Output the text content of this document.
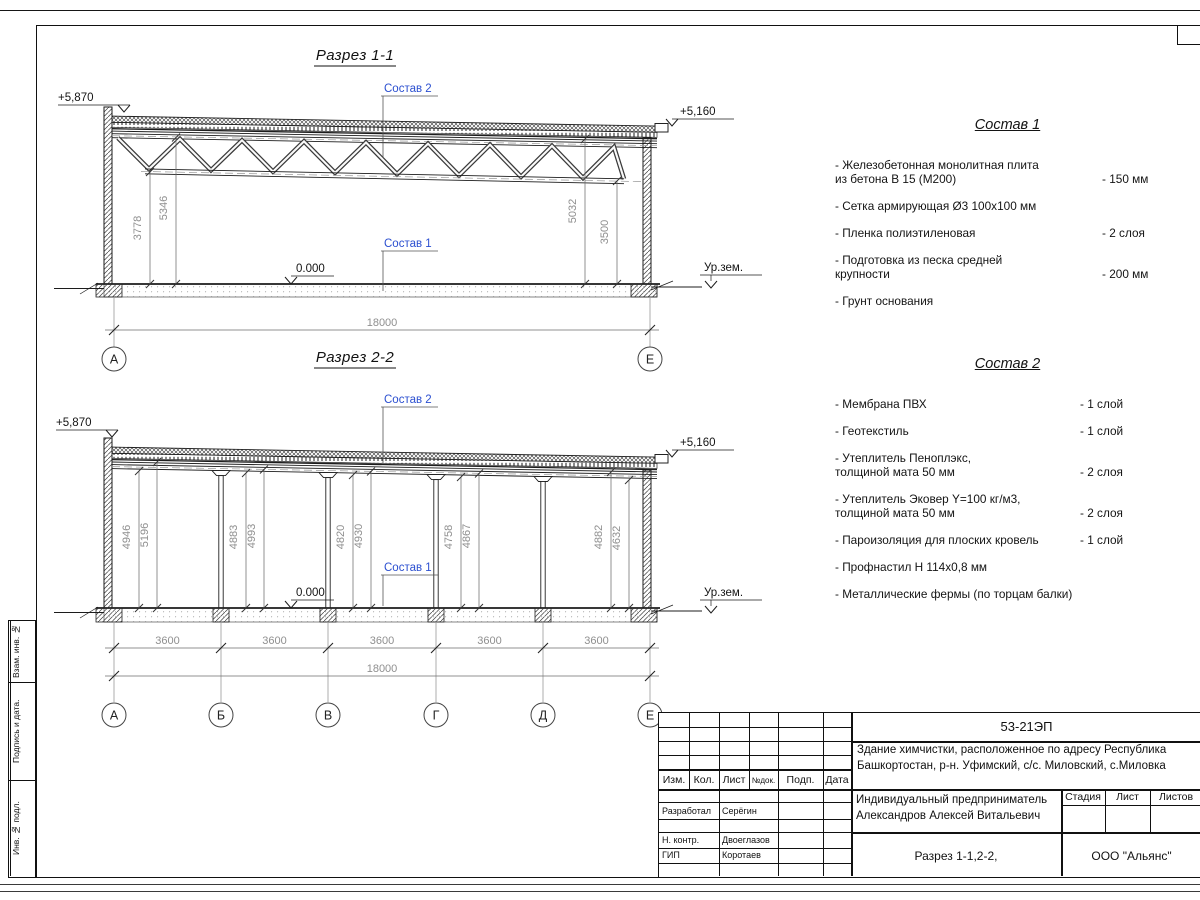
+5,870
+5,160
Ур.зем.
0.000
Состав 2
Состав 1
3778
5346	5032
3500
18000
А	Е
Разрез 1-1
+5,870
+5,160
Ур.зем.
0.000
Состав 2
Состав 1
4946 5196	4883 4993	4820 4930	4758 4867	4882 4632
3600	3600	3600	3600	3600
18000
А	Б	В	Г	Д	Е
Разрез 2-2
Состав 1
- Железобетонная монолитная плита
из бетона В 15 (М200)	- 150 мм
- Сетка армирующая Ø3 100х100 мм
- Пленка полиэтиленовая	- 2 слоя
- Подготовка из песка средней
крупности	- 200 мм
- Грунт основания
Состав 2
- Мембрана ПВХ	- 1 слой
- Геотекстиль	- 1 слой
- Утеплитель Пеноплэкс,
толщиной мата 50 мм	- 2 слоя
- Утеплитель Эковер Y=100 кг/м3,
толщиной мата 50 мм	- 2 слоя
- Пароизоляция для плоских кровель	- 1 слой
- Профнастил Н 114х0,8 мм
- Металлические фермы (по торцам балки)
Взам. инв. №
Подпись и дата.
Инв. № подл.
Изм. Кол. Лист №док.	Подп.	Дата
Разработал	Серёгин
Н. контр.	Двоеглазов
ГИП	Коротаев
53-21ЭП
Здание химчистки, расположенное по адресу Республика
Башкортостан, р-н. Уфимский, с/с. Миловский, с.Миловка
Индивидуальный предприниматель
Александров Алексей Витальевич
Стадия	Лист	Листов
Разрез 1-1,2-2,	ООО "Альянс"
